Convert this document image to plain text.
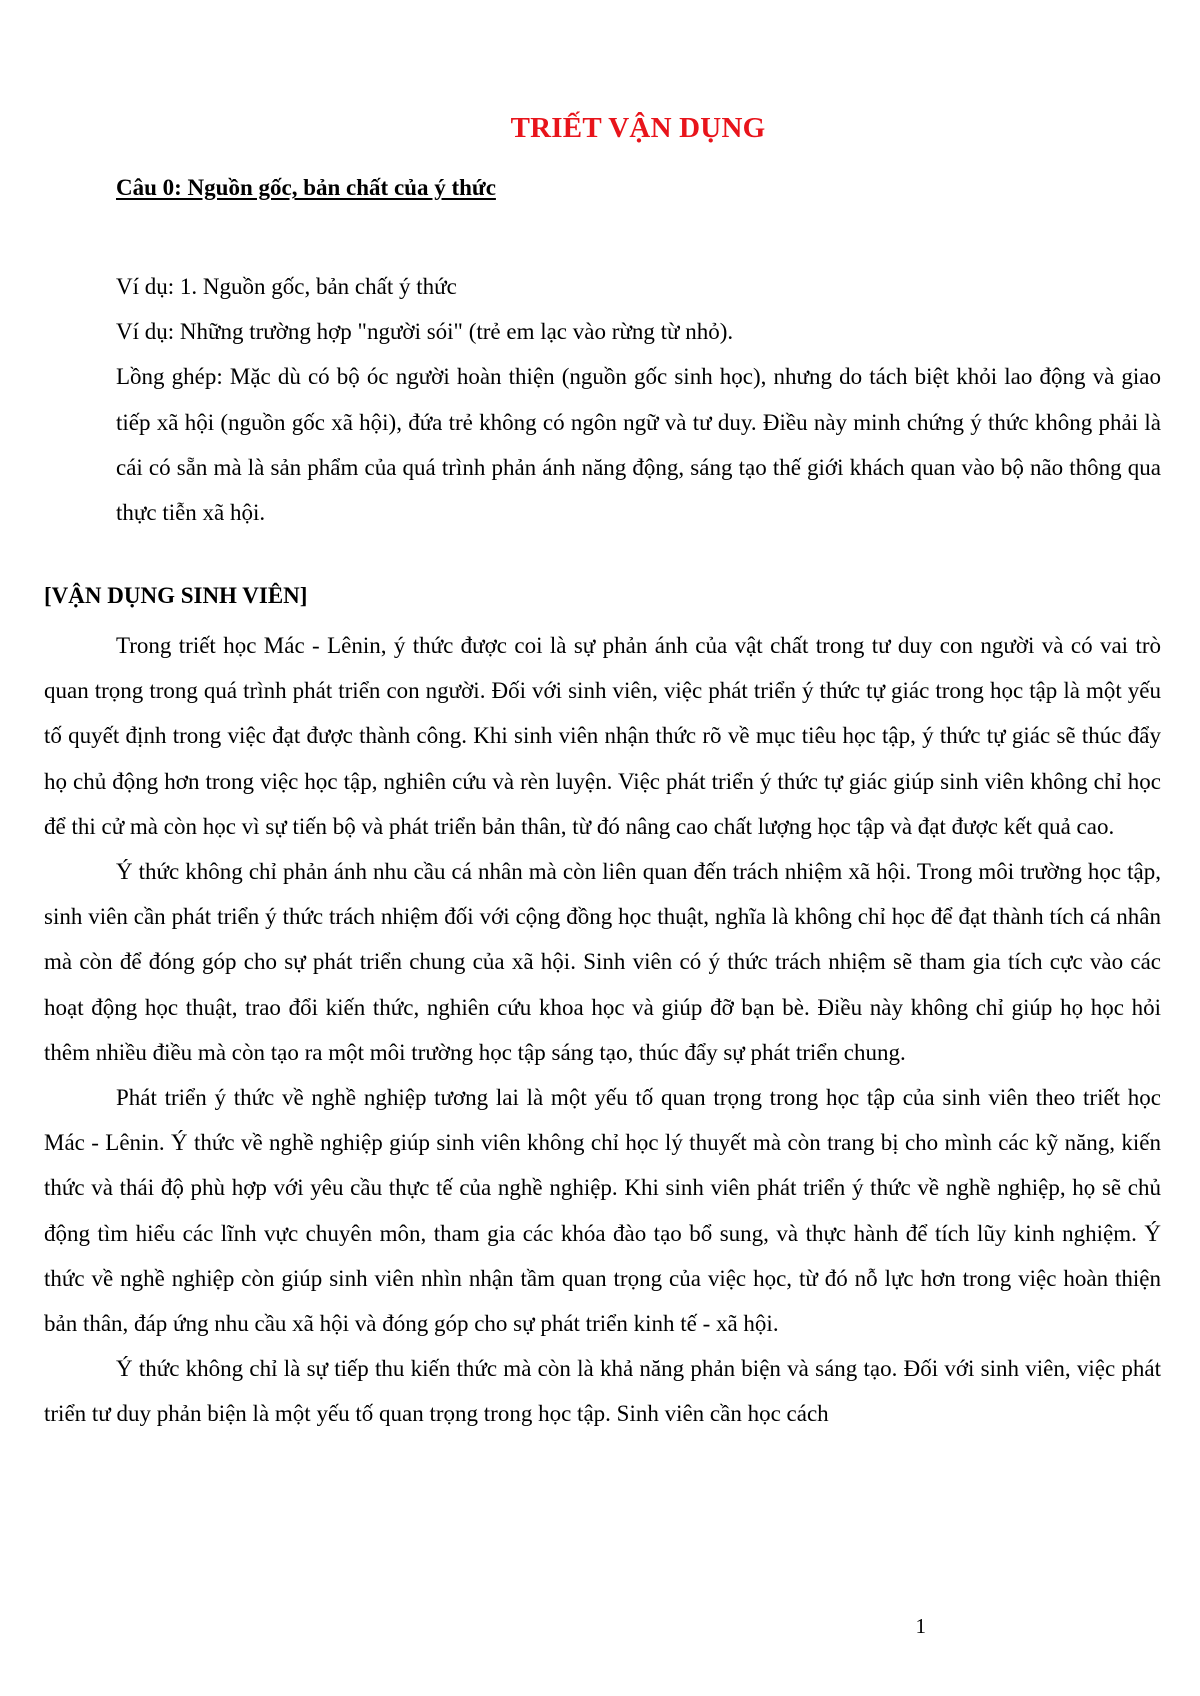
TRIẾT VẬN DỤNG
Câu 0: Nguồn gốc, bản chất của ý thức
Ví dụ: 1. Nguồn gốc, bản chất ý thức
Ví dụ: Những trường hợp "người sói" (trẻ em lạc vào rừng từ nhỏ).
Lồng ghép: Mặc dù có bộ óc người hoàn thiện (nguồn gốc sinh học), nhưng do tách biệt khỏi lao động và giao tiếp xã hội (nguồn gốc xã hội), đứa trẻ không có ngôn ngữ và tư duy. Điều này minh chứng ý thức không phải là cái có sẵn mà là sản phẩm của quá trình phản ánh năng động, sáng tạo thế giới khách quan vào bộ não thông qua thực tiễn xã hội.
[VẬN DỤNG SINH VIÊN]

Trong triết học Mác - Lênin, ý thức được coi là sự phản ánh của vật chất trong tư duy con người và có vai trò quan trọng trong quá trình phát triển con người. Đối với sinh viên, việc phát triển ý thức tự giác trong học tập là một yếu tố quyết định trong việc đạt được thành công. Khi sinh viên nhận thức rõ về mục tiêu học tập, ý thức tự giác sẽ thúc đẩy họ chủ động hơn trong việc học tập, nghiên cứu và rèn luyện. Việc phát triển ý thức tự giác giúp sinh viên không chỉ học để thi cử mà còn học vì sự tiến bộ và phát triển bản thân, từ đó nâng cao chất lượng học tập và đạt được kết quả cao.

Ý thức không chỉ phản ánh nhu cầu cá nhân mà còn liên quan đến trách nhiệm xã hội. Trong môi trường học tập, sinh viên cần phát triển ý thức trách nhiệm đối với cộng đồng học thuật, nghĩa là không chỉ học để đạt thành tích cá nhân mà còn để đóng góp cho sự phát triển chung của xã hội. Sinh viên có ý thức trách nhiệm sẽ tham gia tích cực vào các hoạt động học thuật, trao đổi kiến thức, nghiên cứu khoa học và giúp đỡ bạn bè. Điều này không chỉ giúp họ học hỏi thêm nhiều điều mà còn tạo ra một môi trường học tập sáng tạo, thúc đẩy sự phát triển chung.

Phát triển ý thức về nghề nghiệp tương lai là một yếu tố quan trọng trong học tập của sinh viên theo triết học Mác - Lênin. Ý thức về nghề nghiệp giúp sinh viên không chỉ học lý thuyết mà còn trang bị cho mình các kỹ năng, kiến thức và thái độ phù hợp với yêu cầu thực tế của nghề nghiệp. Khi sinh viên phát triển ý thức về nghề nghiệp, họ sẽ chủ động tìm hiểu các lĩnh vực chuyên môn, tham gia các khóa đào tạo bổ sung, và thực hành để tích lũy kinh nghiệm. Ý thức về nghề nghiệp còn giúp sinh viên nhìn nhận tầm quan trọng của việc học, từ đó nỗ lực hơn trong việc hoàn thiện bản thân, đáp ứng nhu cầu xã hội và đóng góp cho sự phát triển kinh tế - xã hội.

Ý thức không chỉ là sự tiếp thu kiến thức mà còn là khả năng phản biện và sáng tạo. Đối với sinh viên, việc phát triển tư duy phản biện là một yếu tố quan trọng trong học tập. Sinh viên cần học cách

1
